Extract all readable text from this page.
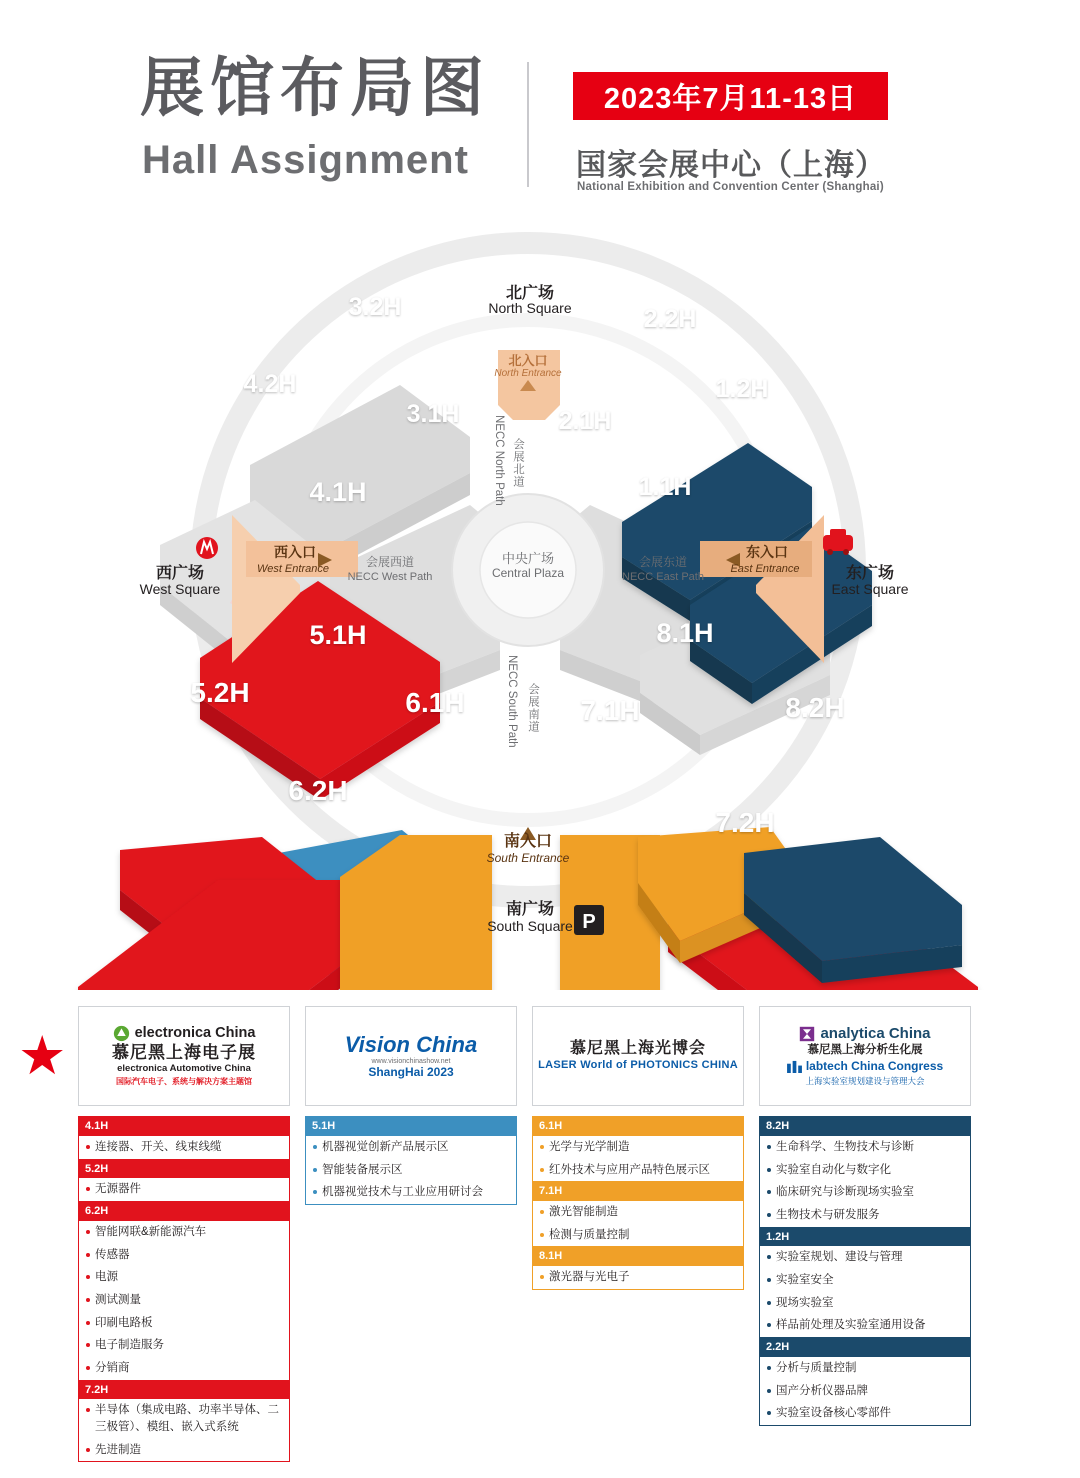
展馆布局图
Hall Assignment
2023年7月11-13日
国家会展中心（上海）
National Exhibition and Convention Center (Shanghai)
P
3.2H
4.2H
3.1H	2.1H
1.1H
2.2H
1.2H
4.1H
5.1H
5.2H	6.1H
6.2H
7.1H
7.2H
8.1H
8.2H
北广场
North Square
南广场
South Square
东广场
East Square
西广场
West Square
中央广场
Central Plaza
北入口
North Entrance
南入口
South Entrance
西入口
West Entrance
东入口
East Entrance
会展北道
NECC North Path
会展南道
NECC South Path
会展西道
NECC West Path
会展东道
NECC East Path
★	electronica China
慕尼黑上海电子展
electronica Automotive China
国际汽车电子、系统与解决方案主题馆
4.1H
连接器、开关、线束线缆
5.2H
无源器件
6.2H
智能网联&新能源汽车
传感器
电源
测试测量
印刷电路板
电子制造服务
分销商
7.2H
半导体（集成电路、功率半导体、二三极管）、模组、嵌入式系统
先进制造
Vision China
www.visionchinashow.net
ShangHai 2023
5.1H
机器视觉创新产品展示区
智能装备展示区
机器视觉技术与工业应用研讨会
慕尼黑上海光博会
LASER World of PHOTONICS CHINA
6.1H
光学与光学制造
红外技术与应用产品特色展示区
7.1H
激光智能制造
检测与质量控制
8.1H
激光器与光电子
analytica China
慕尼黑上海分析生化展
labtech China Congress
上海实验室规划建设与管理大会
8.2H
生命科学、生物技术与诊断
实验室自动化与数字化
临床研究与诊断现场实验室
生物技术与研发服务
1.2H
实验室规划、建设与管理
实验室安全
现场实验室
样品前处理及实验室通用设备
2.2H
分析与质量控制
国产分析仪器品牌
实验室设备核心零部件
